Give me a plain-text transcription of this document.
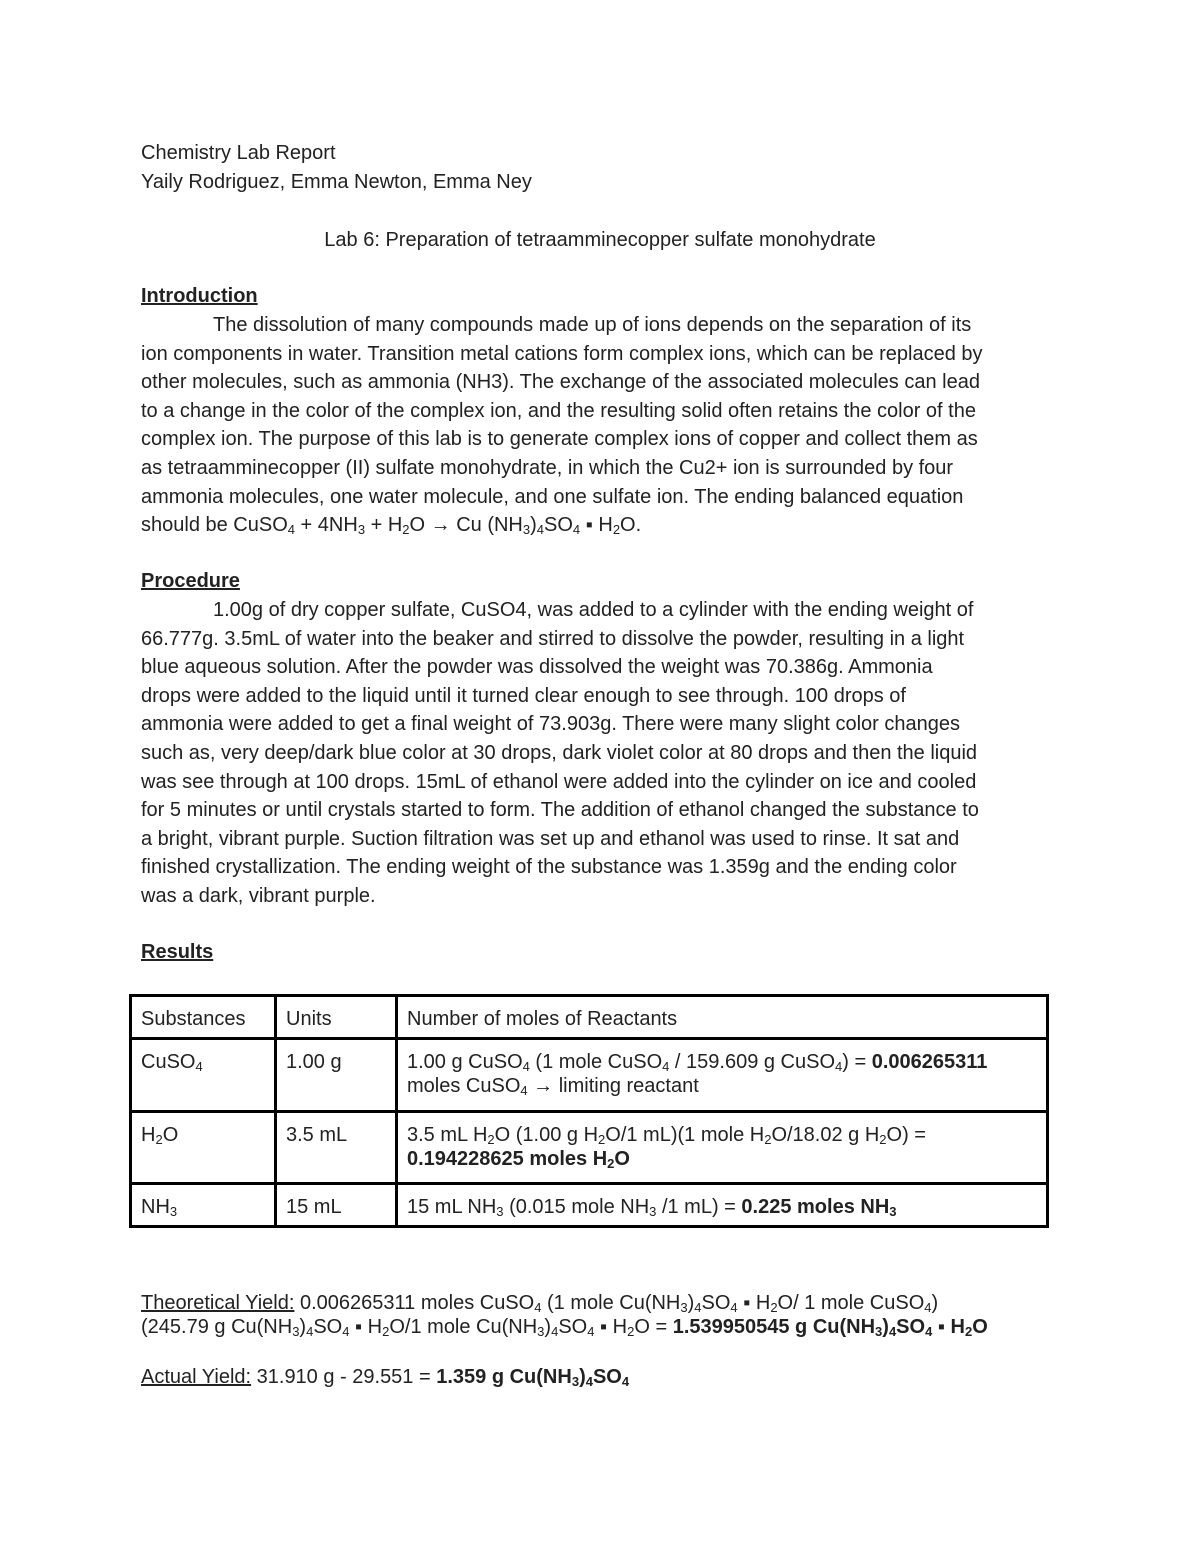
Chemistry Lab Report
Yaily Rodriguez, Emma Newton, Emma Ney
Lab 6: Preparation of tetraamminecopper sulfate monohydrate
Introduction
The dissolution of many compounds made up of ions depends on the separation of its
ion components in water. Transition metal cations form complex ions, which can be replaced by
other molecules, such as ammonia (NH3). The exchange of the associated molecules can lead
to a change in the color of the complex ion, and the resulting solid often retains the color of the
complex ion. The purpose of this lab is to generate complex ions of copper and collect them as
as tetraamminecopper (II) sulfate monohydrate, in which the Cu2+ ion is surrounded by four
ammonia molecules, one water molecule, and one sulfate ion. The ending balanced equation
should be CuSO$_4$ + $4NH_3 + H_2O \to Cu$ $(NH_3)_4SO_4$ ▪ $H_2O$.
Procedure
1.00g of dry copper sulfate, CuSO4, was added to a cylinder with the ending weight of
66.777g. 3.5mL of water into the beaker and stirred to dissolve the powder, resulting in a light
blue aqueous solution. After the powder was dissolved the weight was 70.386g. Ammonia
drops were added to the liquid until it turned clear enough to see through. 100 drops of
ammonia were added to get a final weight of 73.903g. There were many slight color changes
such as, very deep/dark blue color at 30 drops, dark violet color at 80 drops and then the liquid
was see through at 100 drops. 15mL of ethanol were added into the cylinder on ice and cooled
for 5 minutes or until crystals started to form. The addition of ethanol changed the substance to
a bright, vibrant purple. Suction filtration was set up and ethanol was used to rinse. It sat and
finished crystallization. The ending weight of the substance was 1.359g and the ending color
was a dark, vibrant purple.
Results
Substances	Units	Number of moles of Reactants
CuSO$_4$	1.00 g	1.00 g CuSO$_4$ (1 mole CuSO$_4$ / 159.609 g CuSO$_4$) = 0.006265311
moles CuSO$_4$ → limiting reactant
$H_2O$	3.5 mL	3.5 mL $H_2O$ (1.00 g $H_2O/1$ mL)(1 mole $H_2O/18.02$ g $H_2O$) =
0.194228625 moles $H_2O$
$NH_3$	15 mL	15 mL $NH_3$ (0.015 mole $NH_3$ /1 mL) = 0.225 moles $NH_3$
Theoretical Yield: 0.006265311 moles CuSO$_4$ (1 mole $Cu(NH_3)_4SO_4$ ▪ $H_2O/$ 1 mole CuSO$_4$)
(245.79 g $Cu(NH_3)_4SO_4$ ▪ $H_2O/1$ mole $Cu(NH_3)_4SO_4$ ▪ $H_2O = 1.539950545$ g $Cu(NH_3)_4SO_4$ ▪ $H_2O$
Actual Yield: 31.910 g - 29.551 = 1.359 g $Cu(NH_3)_4SO_4$
